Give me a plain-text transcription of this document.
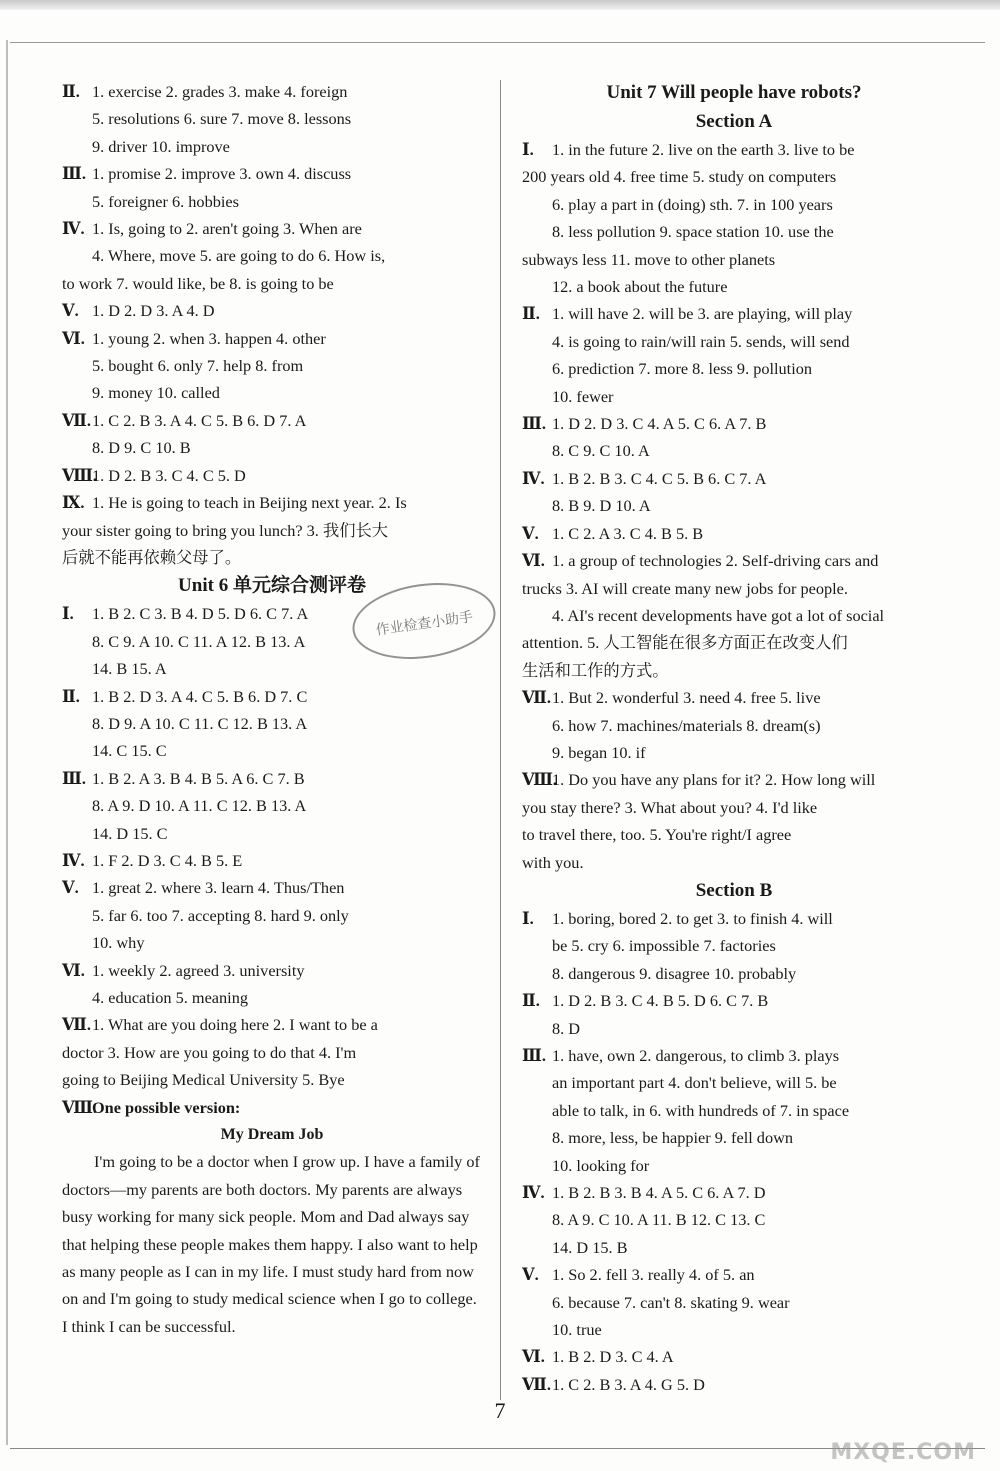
Ⅱ. 1. exercise 2. grades 3. make 4. foreign
5. resolutions 6. sure 7. move 8. lessons
9. driver 10. improve
Ⅲ. 1. promise 2. improve 3. own 4. discuss
5. foreigner 6. hobbies
Ⅳ. 1. Is, going to 2. aren't going 3. When are
4. Where, move 5. are going to do 6. How is,
to work 7. would like, be 8. is going to be
Ⅴ. 1. D 2. D 3. A 4. D
Ⅵ. 1. young 2. when 3. happen 4. other
5. bought 6. only 7. help 8. from
9. money 10. called
Ⅶ.1. C 2. B 3. A 4. C 5. B 6. D 7. A
8. D 9. C 10. B
Ⅷ.1. D 2. B 3. C 4. C 5. D
Ⅸ. 1. He is going to teach in Beijing next year. 2. Is
your sister going to bring you lunch? 3. 我们长大
后就不能再依赖父母了。
Unit 6 单元综合测评卷
Ⅰ. 1. B 2. C 3. B 4. D 5. D 6. C 7. A
8. C 9. A 10. C 11. A 12. B 13. A
14. B 15. A
Ⅱ. 1. B 2. D 3. A 4. C 5. B 6. D 7. C
8. D 9. A 10. C 11. C 12. B 13. A
14. C 15. C
Ⅲ. 1. B 2. A 3. B 4. B 5. A 6. C 7. B
8. A 9. D 10. A 11. C 12. B 13. A
14. D 15. C
Ⅳ. 1. F 2. D 3. C 4. B 5. E
Ⅴ. 1. great 2. where 3. learn 4. Thus/Then
5. far 6. too 7. accepting 8. hard 9. only
10. why
Ⅵ. 1. weekly 2. agreed 3. university
4. education 5. meaning
Ⅶ.1. What are you doing here 2. I want to be a
doctor 3. How are you going to do that 4. I'm
going to Beijing Medical University 5. Bye
Ⅷ.One possible version:
My Dream Job
I'm going to be a doctor when I grow up. I have a family of doctors—my parents are both doctors. My parents are always busy working for many sick people. Mom and Dad always say that helping these people makes them happy. I also want to help as many people as I can in my life. I must study hard from now on and I'm going to study medical science when I go to college. I think I can be successful.
Unit 7 Will people have robots?
Section A
Ⅰ. 1. in the future 2. live on the earth 3. live to be
200 years old 4. free time 5. study on computers
6. play a part in (doing) sth. 7. in 100 years
8. less pollution 9. space station 10. use the
subways less 11. move to other planets
12. a book about the future
Ⅱ. 1. will have 2. will be 3. are playing, will play
4. is going to rain/will rain 5. sends, will send
6. prediction 7. more 8. less 9. pollution
10. fewer
Ⅲ. 1. D 2. D 3. C 4. A 5. C 6. A 7. B
8. C 9. C 10. A
Ⅳ. 1. B 2. B 3. C 4. C 5. B 6. C 7. A
8. B 9. D 10. A
Ⅴ. 1. C 2. A 3. C 4. B 5. B
Ⅵ. 1. a group of technologies 2. Self-driving cars and
trucks 3. AI will create many new jobs for people.
4. AI's recent developments have got a lot of social
attention. 5. 人工智能在很多方面正在改变人们
生活和工作的方式。
Ⅶ.1. But 2. wonderful 3. need 4. free 5. live
6. how 7. machines/materials 8. dream(s)
9. began 10. if
Ⅷ.1. Do you have any plans for it? 2. How long will
you stay there? 3. What about you? 4. I'd like
to travel there, too. 5. You're right/I agree
with you.
Section B
Ⅰ. 1. boring, bored 2. to get 3. to finish 4. will
be 5. cry 6. impossible 7. factories
8. dangerous 9. disagree 10. probably
Ⅱ. 1. D 2. B 3. C 4. B 5. D 6. C 7. B
8. D
Ⅲ. 1. have, own 2. dangerous, to climb 3. plays
an important part 4. don't believe, will 5. be
able to talk, in 6. with hundreds of 7. in space
8. more, less, be happier 9. fell down
10. looking for
Ⅳ. 1. B 2. B 3. B 4. A 5. C 6. A 7. D
8. A 9. C 10. A 11. B 12. C 13. C
14. D 15. B
Ⅴ. 1. So 2. fell 3. really 4. of 5. an
6. because 7. can't 8. skating 9. wear
10. true
Ⅵ. 1. B 2. D 3. C 4. A
Ⅶ.1. C 2. B 3. A 4. G 5. D
作业检查小助手
7
MXQE.COM
